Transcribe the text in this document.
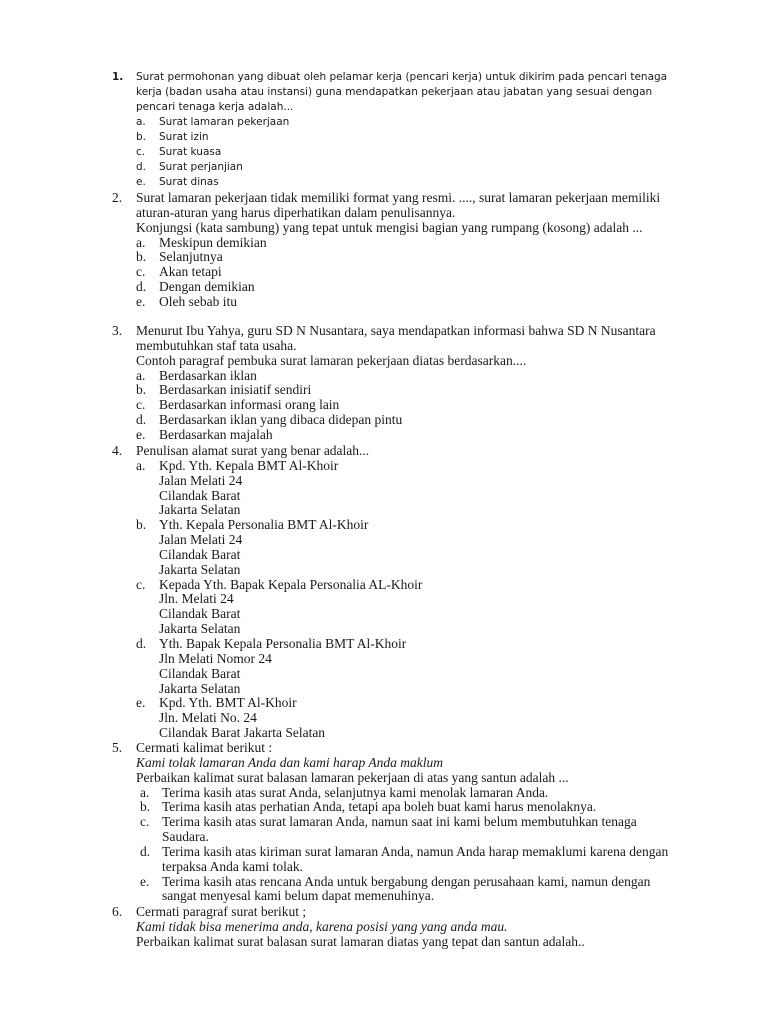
1.	Surat permohonan yang dibuat oleh pelamar kerja (pencari kerja) untuk dikirim pada pencari tenaga kerja (badan usaha atau instansi) guna mendapatkan pekerjaan atau jabatan yang sesuai dengan pencari tenaga kerja adalah...

a.	Surat lamaran pekerjaan
b.	Surat izin
c.	Surat kuasa
d.	Surat perjanjian
e.	Surat dinas
2.	Surat lamaran pekerjaan tidak memiliki format yang resmi. ...., surat lamaran pekerjaan memiliki aturan-aturan yang harus diperhatikan dalam penulisannya.

Konjungsi (kata sambung) yang tepat untuk mengisi bagian yang rumpang (kosong) adalah ...

a.	Meskipun demikian
b. Selanjutnya
c.	Akan tetapi
d. Dengan demikian
e.	Oleh sebab itu
3.	Menurut Ibu Yahya, guru SD N Nusantara, saya mendapatkan informasi bahwa SD N Nusantara membutuhkan staf tata usaha.

Contoh paragraf pembuka surat lamaran pekerjaan diatas berdasarkan....

a.	Berdasarkan iklan
b. Berdasarkan inisiatif sendiri
c.	Berdasarkan informasi orang lain
d. Berdasarkan iklan yang dibaca didepan pintu
e.	Berdasarkan majalah
4.	Penulisan alamat surat yang benar adalah...

a.	Kpd. Yth. Kepala BMT Al-Khoir
Jalan Melati 24
Cilandak Barat
Jakarta Selatan
b. Yth. Kepala Personalia BMT Al-Khoir
Jalan Melati 24
Cilandak Barat
Jakarta Selatan
c.	Kepada Yth. Bapak Kepala Personalia AL-Khoir
Jln. Melati 24
Cilandak Barat
Jakarta Selatan
d. Yth. Bapak Kepala Personalia BMT Al-Khoir
Jln Melati Nomor 24
Cilandak Barat
Jakarta Selatan
e.	Kpd. Yth. BMT Al-Khoir
Jln. Melati No. 24
Cilandak Barat Jakarta Selatan
5.	Cermati kalimat berikut :

Kami tolak lamaran Anda dan kami harap Anda maklum

Perbaikan kalimat surat balasan lamaran pekerjaan di atas yang santun adalah ...

a. Terima kasih atas surat Anda, selanjutnya kami menolak lamaran Anda.
b. Terima kasih atas perhatian Anda, tetapi apa boleh buat kami harus menolaknya.
c. Terima kasih atas surat lamaran Anda, namun saat ini kami belum membutuhkan tenaga Saudara.
d. Terima kasih atas kiriman surat lamaran Anda, namun Anda harap memaklumi karena dengan terpaksa Anda kami tolak.
e. Terima kasih atas rencana Anda untuk bergabung dengan perusahaan kami, namun dengan sangat menyesal kami belum dapat memenuhinya.
6.	Cermati paragraf surat berikut ;

Kami tidak bisa menerima anda, karena posisi yang yang anda mau.

Perbaikan kalimat surat balasan surat lamaran diatas yang tepat dan santun adalah..
